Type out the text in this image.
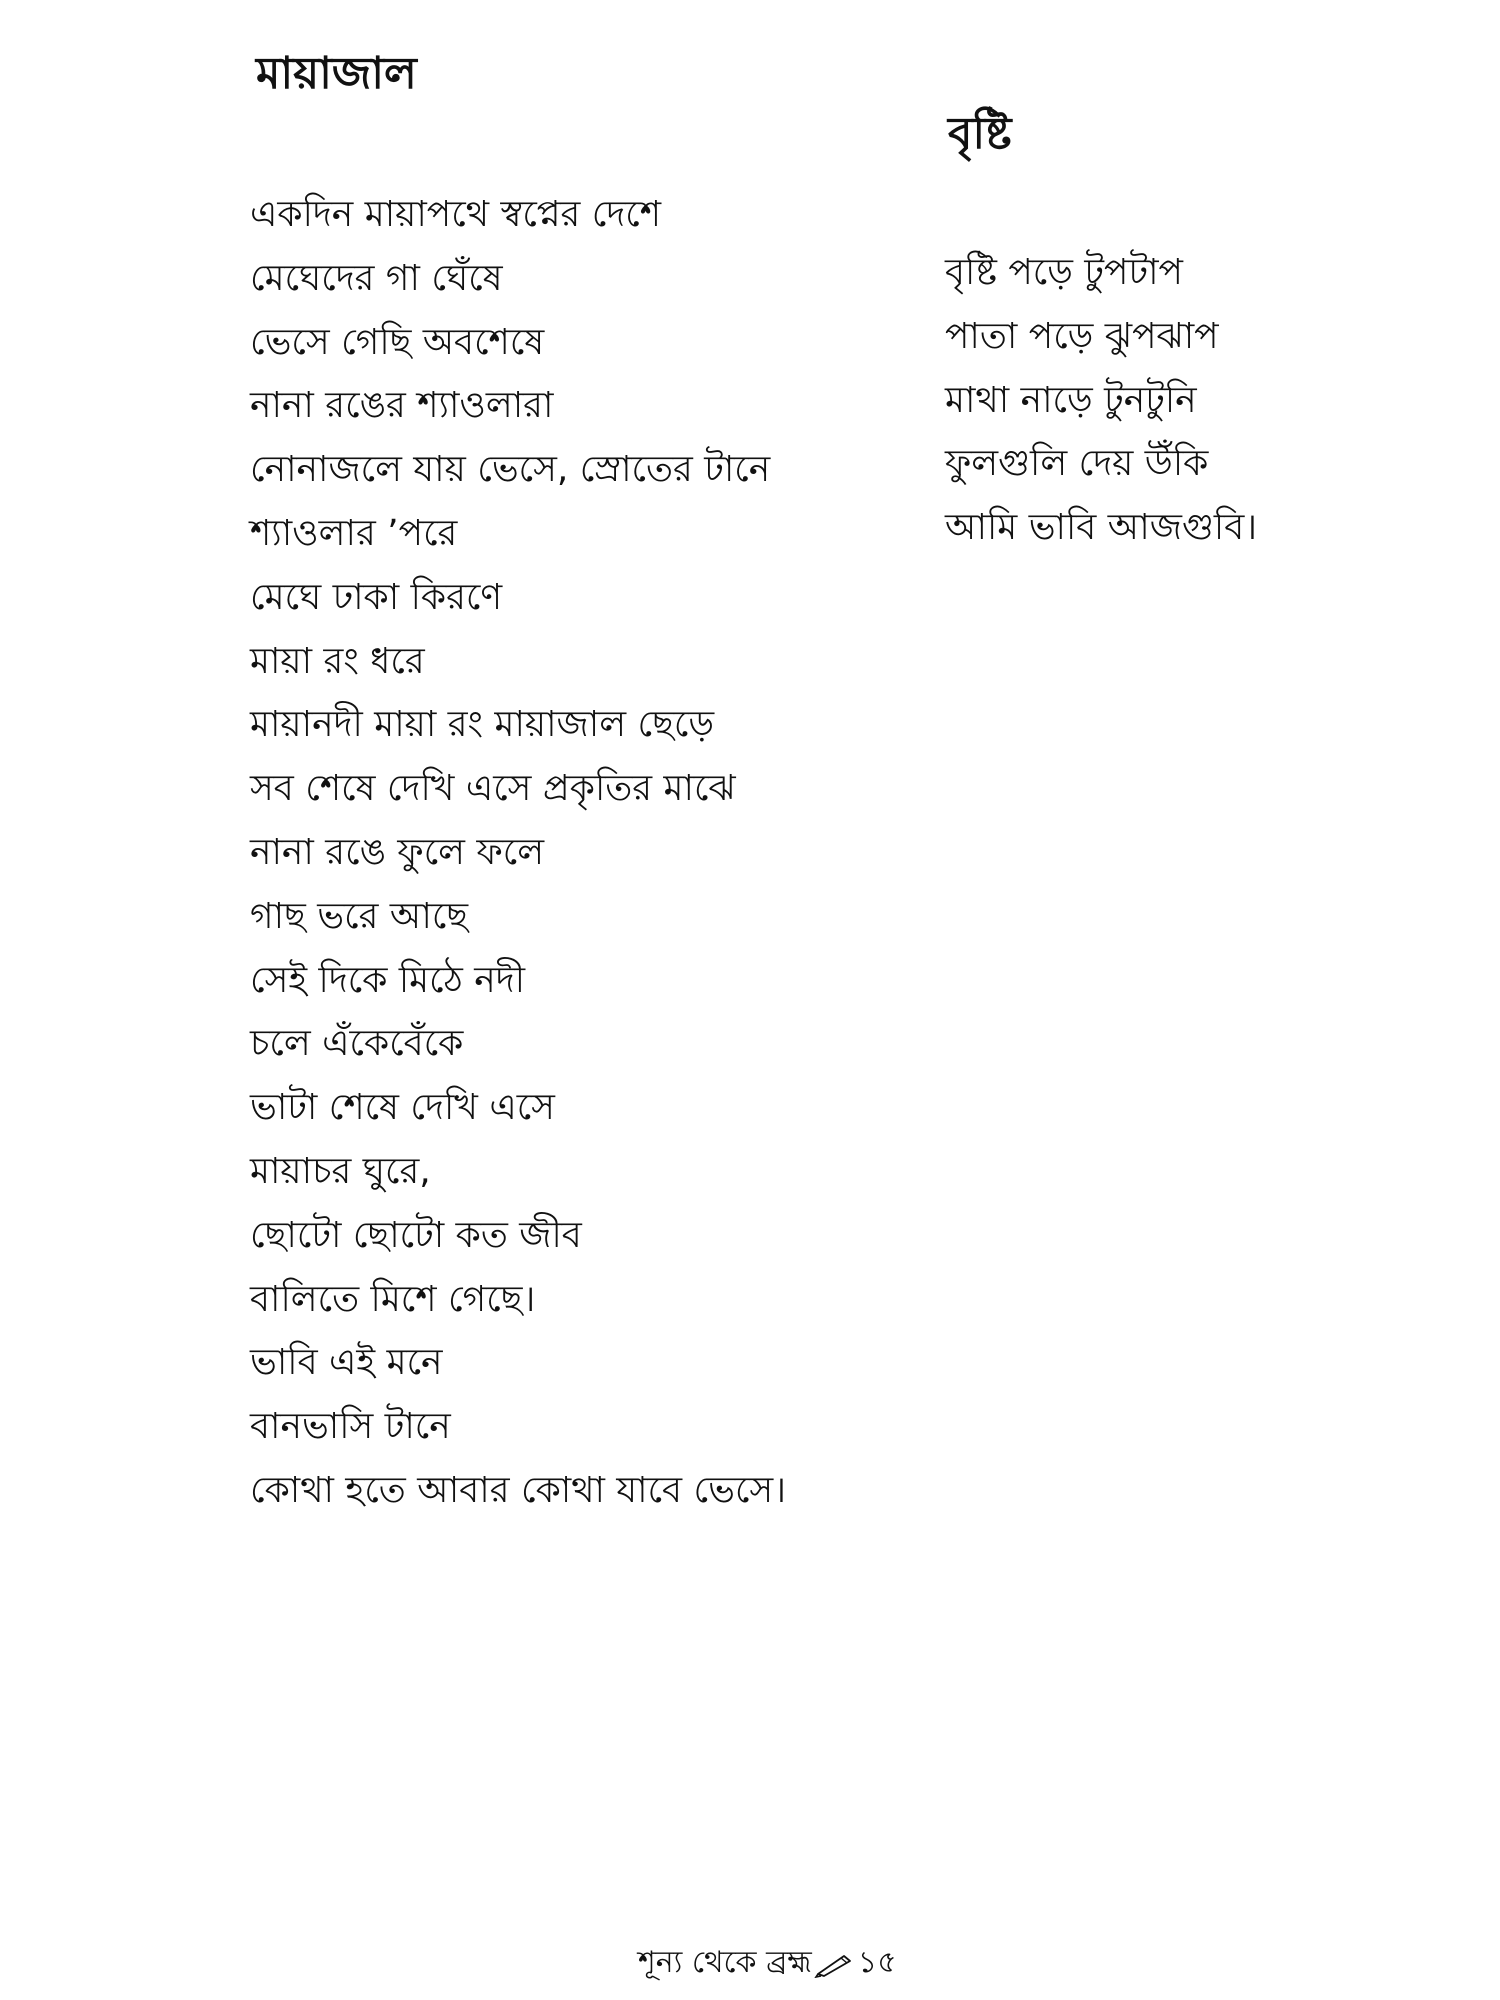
মায়াজাল
একদিন মায়াপথে স্বপ্নের দেশে
মেঘেদের গা ঘেঁষে
ভেসে গেছি অবশেষে
নানা রঙের শ্যাওলারা
নোনাজলে যায় ভেসে, স্রোতের টানে
শ্যাওলার ’পরে
মেঘে ঢাকা কিরণে
মায়া রং ধরে
মায়ানদী মায়া রং মায়াজাল ছেড়ে
সব শেষে দেখি এসে প্রকৃতির মাঝে
নানা রঙে ফুলে ফলে
গাছ ভরে আছে
সেই দিকে মিঠে নদী
চলে এঁকেবেঁকে
ভাটা শেষে দেখি এসে
মায়াচর ঘুরে,
ছোটো ছোটো কত জীব
বালিতে মিশে গেছে।
ভাবি এই মনে
বানভাসি টানে
কোথা হতে আবার কোথা যাবে ভেসে।
বৃষ্টি
বৃষ্টি পড়ে টুপটাপ
পাতা পড়ে ঝুপঝাপ
মাথা নাড়ে টুনটুনি
ফুলগুলি দেয় উঁকি
আমি ভাবি আজগুবি।
শূন্য থেকে ব্রহ্ম ১৫
